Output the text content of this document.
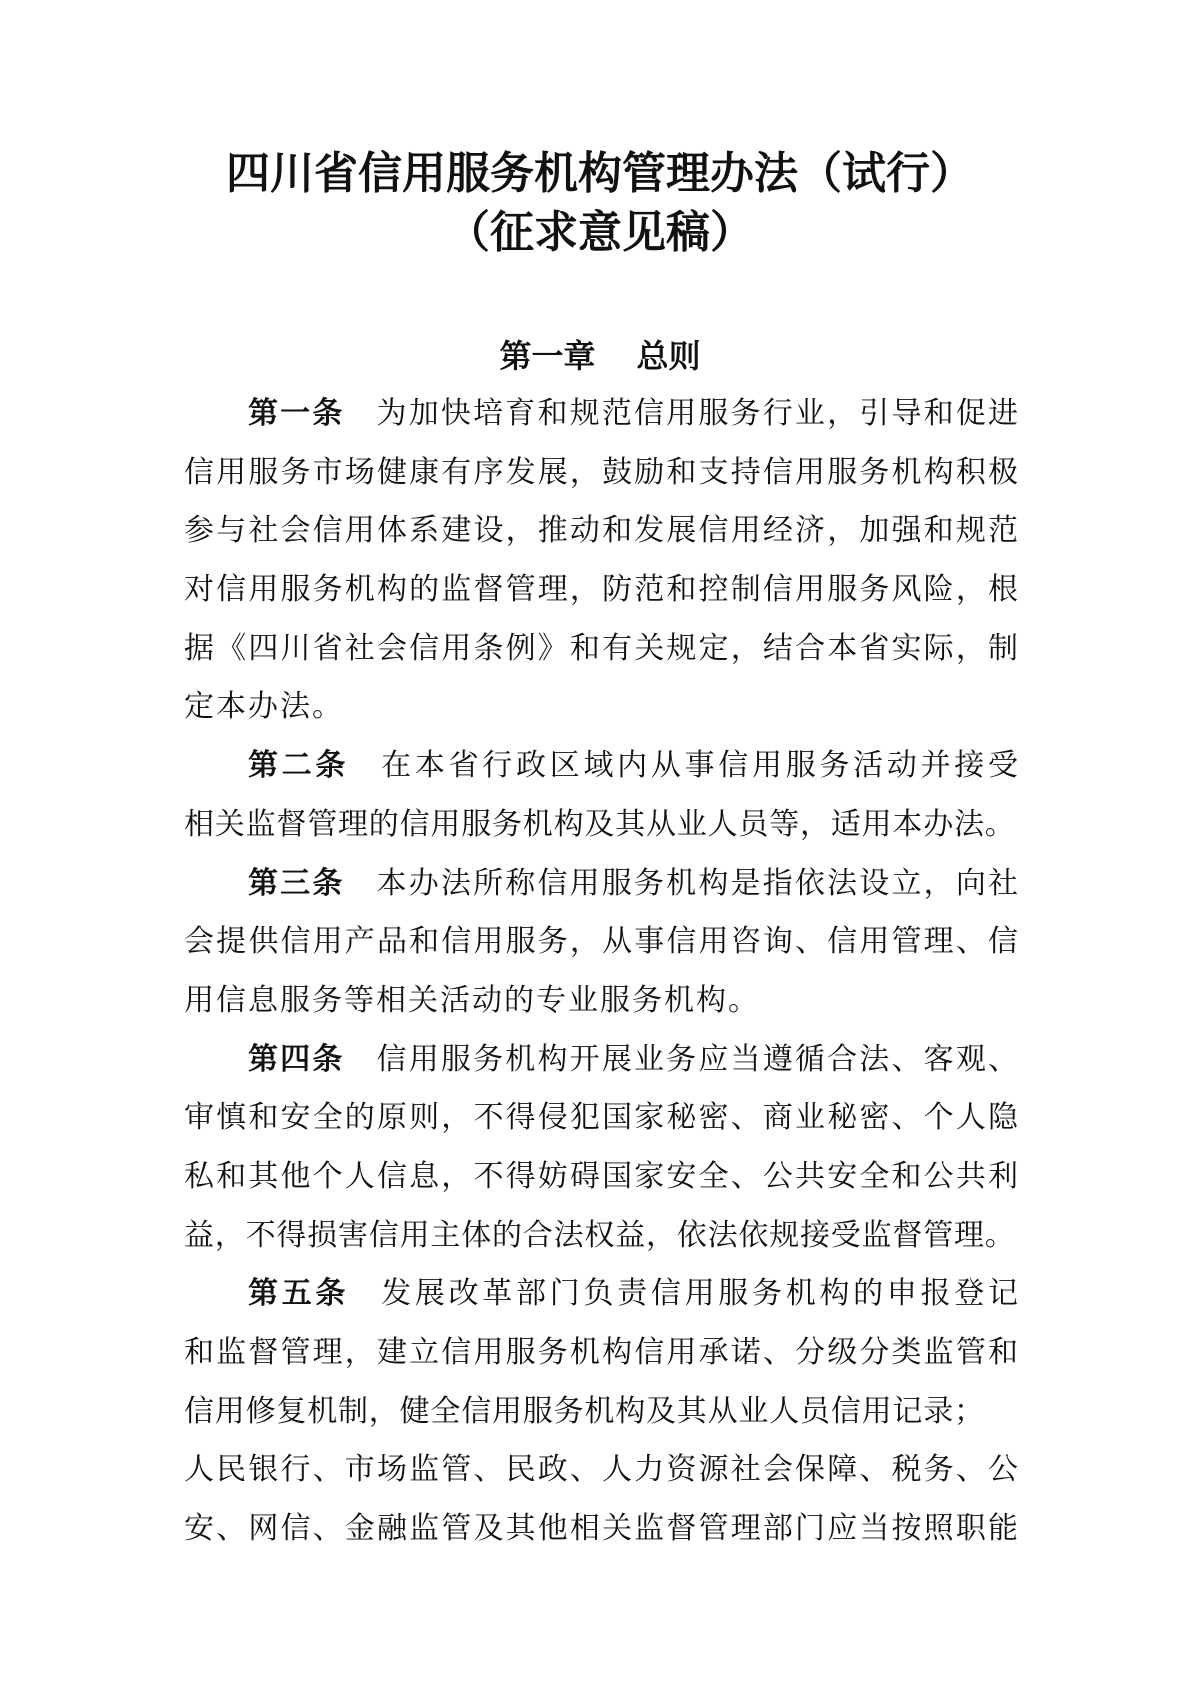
四川省信用服务机构管理办法（试行）
（征求意见稿）
第一章 总则
第一条 为加快培育和规范信用服务行业，引导和促进
信用服务市场健康有序发展，鼓励和支持信用服务机构积极
参与社会信用体系建设，推动和发展信用经济，加强和规范
对信用服务机构的监督管理，防范和控制信用服务风险，根
据《四川省社会信用条例》和有关规定，结合本省实际，制
定本办法。
第二条 在本省行政区域内从事信用服务活动并接受
相关监督管理的信用服务机构及其从业人员等，适用本办法。
第三条 本办法所称信用服务机构是指依法设立，向社
会提供信用产品和信用服务，从事信用咨询、信用管理、信
用信息服务等相关活动的专业服务机构。
第四条 信用服务机构开展业务应当遵循合法、客观、
审慎和安全的原则，不得侵犯国家秘密、商业秘密、个人隐
私和其他个人信息，不得妨碍国家安全、公共安全和公共利
益，不得损害信用主体的合法权益，依法依规接受监督管理。
第五条 发展改革部门负责信用服务机构的申报登记
和监督管理，建立信用服务机构信用承诺、分级分类监管和
信用修复机制，健全信用服务机构及其从业人员信用记录；
人民银行、市场监管、民政、人力资源社会保障、税务、公
安、网信、金融监管及其他相关监督管理部门应当按照职能
